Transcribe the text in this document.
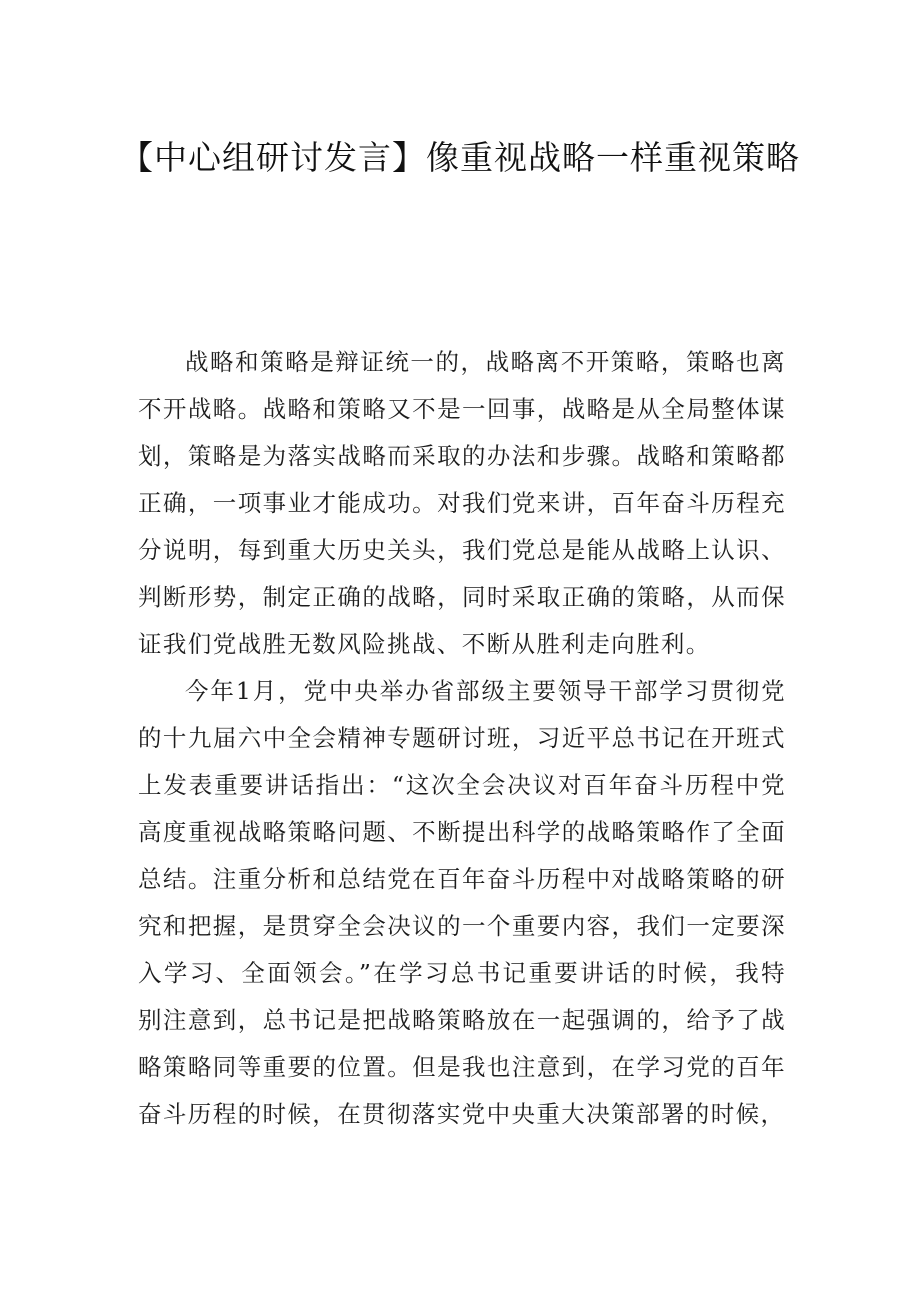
【中心组研讨发言】像重视战略一样重视策略

战略和策略是辩证统一的，战略离不开策略，策略也离不开战略。战略和策略又不是一回事，战略是从全局整体谋划，策略是为落实战略而采取的办法和步骤。战略和策略都正确，一项事业才能成功。对我们党来讲，百年奋斗历程充分说明，每到重大历史关头，我们党总是能从战略上认识、判断形势，制定正确的战略，同时采取正确的策略，从而保证我们党战胜无数风险挑战、不断从胜利走向胜利。

今年1月，党中央举办省部级主要领导干部学习贯彻党的十九届六中全会精神专题研讨班，习近平总书记在开班式上发表重要讲话指出：“这次全会决议对百年奋斗历程中党高度重视战略策略问题、不断提出科学的战略策略作了全面总结。注重分析和总结党在百年奋斗历程中对战略策略的研究和把握，是贯穿全会决议的一个重要内容，我们一定要深入学习、全面领会。”在学习总书记重要讲话的时候，我特别注意到，总书记是把战略策略放在一起强调的，给予了战略策略同等重要的位置。但是我也注意到，在学习党的百年奋斗历程的时候，在贯彻落实党中央重大决策部署的时候，
